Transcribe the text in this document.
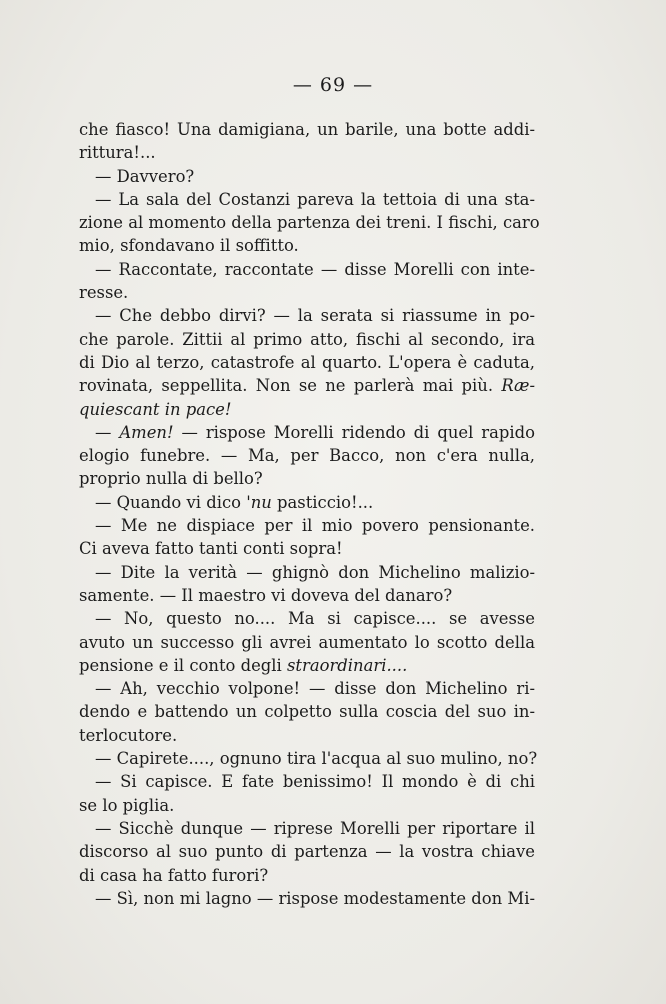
— 69 —
che fiasco! Una damigiana, un barile, una botte addi-
rittura!...
— Davvero?
— La sala del Costanzi pareva la tettoia di una sta-
zione al momento della partenza dei treni. I fischi, caro
mio, sfondavano il soffitto.
— Raccontate, raccontate — disse Morelli con inte-
resse.
— Che debbo dirvi? — la serata si riassume in po-
che parole. Zittii al primo atto, fischi al secondo, ira
di Dio al terzo, catastrofe al quarto. L'opera è caduta,
rovinata, seppellita. Non se ne parlerà mai più. Ræ-
quiescant in pace!
— Amen! — rispose Morelli ridendo di quel rapido
elogio funebre. — Ma, per Bacco, non c'era nulla,
proprio nulla di bello?
— Quando vi dico 'nu pasticcio!...
— Me ne dispiace per il mio povero pensionante.
Ci aveva fatto tanti conti sopra!
— Dite la verità — ghignò don Michelino malizio-
samente. — Il maestro vi doveva del danaro?
— No, questo no.... Ma si capisce.... se avesse
avuto un successo gli avrei aumentato lo scotto della
pensione e il conto degli straordinari....
— Ah, vecchio volpone! — disse don Michelino ri-
dendo e battendo un colpetto sulla coscia del suo in-
terlocutore.
— Capirete...., ognuno tira l'acqua al suo mulino, no?
— Si capisce. E fate benissimo! Il mondo è di chi
se lo piglia.
— Sicchè dunque — riprese Morelli per riportare il
discorso al suo punto di partenza — la vostra chiave
di casa ha fatto furori?
— Sì, non mi lagno — rispose modestamente don Mi-
